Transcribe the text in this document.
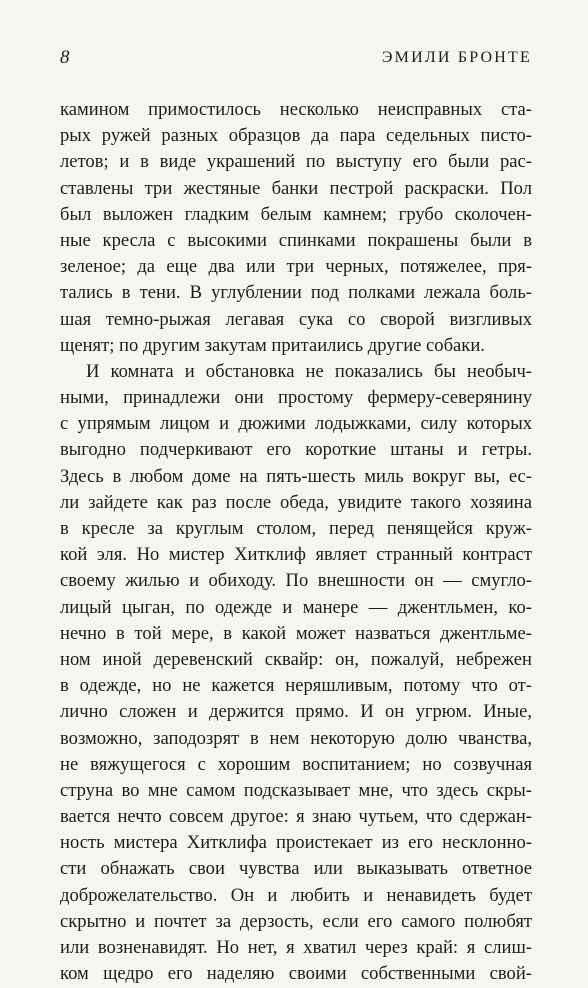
8	ЭМИЛИ БРОНТЕ
камином примостилось несколько неисправных ста-
рых ружей разных образцов да пара седельных писто-
летов; и в виде украшений по выступу его были рас-
ставлены три жестяные банки пестрой раскраски. Пол
был выложен гладким белым камнем; грубо сколочен-
ные кресла с высокими спинками покрашены были в
зеленое; да еще два или три черных, потяжелее, пря-
тались в тени. В углублении под полками лежала боль-
шая темно-рыжая легавая сука со сворой визгливых
щенят; по другим закутам притаились другие собаки.
И комната и обстановка не показались бы необыч-
ными, принадлежи они простому фермеру-северянину
с упрямым лицом и дюжими лодыжками, силу которых
выгодно подчеркивают его короткие штаны и гетры.
Здесь в любом доме на пять-шесть миль вокруг вы, ес-
ли зайдете как раз после обеда, увидите такого хозяина
в кресле за круглым столом, перед пенящейся круж-
кой эля. Но мистер Хитклиф являет странный контраст
своему жилью и обиходу. По внешности он — смугло-
лицый цыган, по одежде и манере — джентльмен, ко-
нечно в той мере, в какой может назваться джентльме-
ном иной деревенский сквайр: он, пожалуй, небрежен
в одежде, но не кажется неряшливым, потому что от-
лично сложен и держится прямо. И он угрюм. Иные,
возможно, заподозрят в нем некоторую долю чванства,
не вяжущегося с хорошим воспитанием; но созвучная
струна во мне самом подсказывает мне, что здесь скры-
вается нечто совсем другое: я знаю чутьем, что сдержан-
ность мистера Хитклифа проистекает из его несклонно-
сти обнажать свои чувства или выказывать ответное
доброжелательство. Он и любить и ненавидеть будет
скрытно и почтет за дерзость, если его самого полюбят
или возненавидят. Но нет, я хватил через край: я слиш-
ком щедро его наделяю своими собственными свой-
